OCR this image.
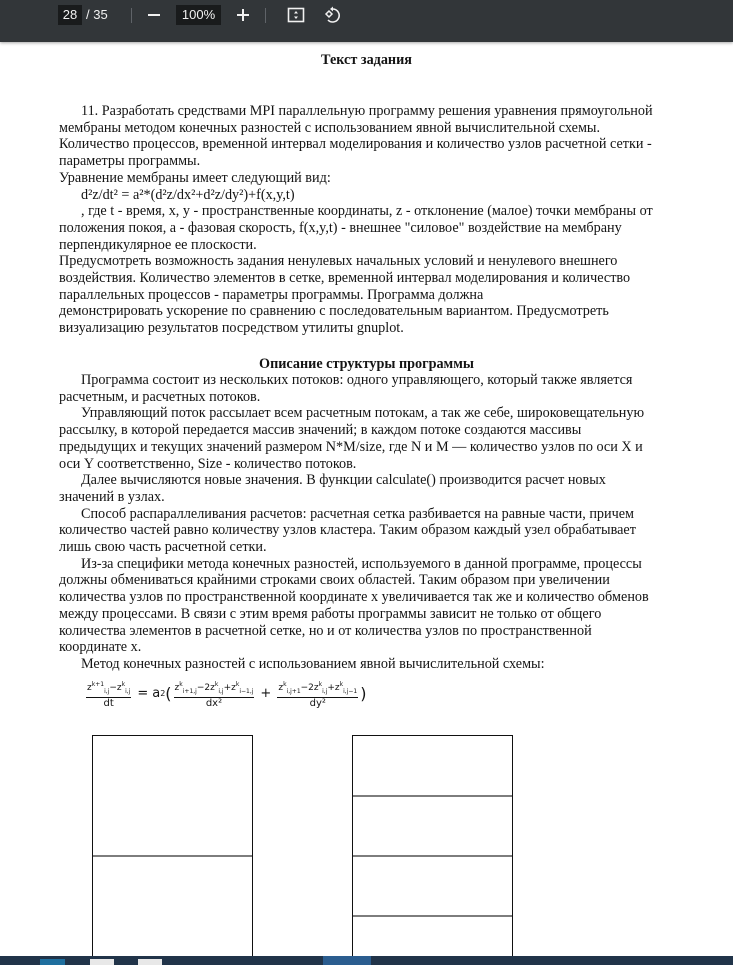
28 / 35	100%
Текст задания
11. Разработать средствами MPI параллельную программу решения уравнения прямоугольной
мембраны методом конечных разностей с использованием явной вычислительной схемы.
Количество процессов, временной интервал моделирования и количество узлов расчетной сетки -
параметры программы.
Уравнение мембраны имеет следующий вид:
d²z/dt² = a²*(d²z/dx²+d²z/dy²)+f(x,y,t)
, где t - время, x, y - пространственные координаты, z - отклонение (малое) точки мембраны от
положения покоя, a - фазовая скорость, f(x,y,t) - внешнее "силовое" воздействие на мембрану
перпендикулярное ее плоскости.
Предусмотреть возможность задания ненулевых начальных условий и ненулевого внешнего
воздействия. Количество элементов в сетке, временной интервал моделирования и количество
параллельных процессов - параметры программы. Программа должна
демонстрировать ускорение по сравнению с последовательным вариантом. Предусмотреть
визуализацию результатов посредством утилиты gnuplot.
Описание структуры программы
Программа состоит из нескольких потоков: одного управляющего, который также является
расчетным, и расчетных потоков.
Управляющий поток рассылает всем расчетным потокам, а так же себе, широковещательную
рассылку, в которой передается массив значений; в каждом потоке создаются массивы
предыдущих и текущих значений размером N*M/size, где N и M — количество узлов по оси X и
оси Y соответственно, Size - количество потоков.
Далее вычисляются новые значения. В функции calculate() производится расчет новых
значений в узлах.
Способ распараллеливания расчетов: расчетная сетка разбивается на равные части, причем
количество частей равно количеству узлов кластера. Таким образом каждый узел обрабатывает
лишь свою часть расчетной сетки.
Из-за специфики метода конечных разностей, используемого в данной программе, процессы
должны обмениваться крайними строками своих областей. Таким образом при увеличении
количества узлов по пространственной координате x увеличивается так же и количество обменов
между процессами. В связи с этим время работы программы зависит не только от общего
количества элементов в расчетной сетке, но и от количества узлов по пространственной
координате x.
Метод конечных разностей с использованием явной вычислительной схемы:
$\frac{z^{k+1}_{i,j}-z^k_{i,j}}{dt} = a$ 2 ( $\frac{z^k_{i+1,j}-2z^k_{i,j}+z^k_{i-1,j}}{\text{dx²}} + \frac{z^k_{i,j+1}-2z^k_{i,j}+z^k_{i,j-1}}{\text{dy²}}$ )
